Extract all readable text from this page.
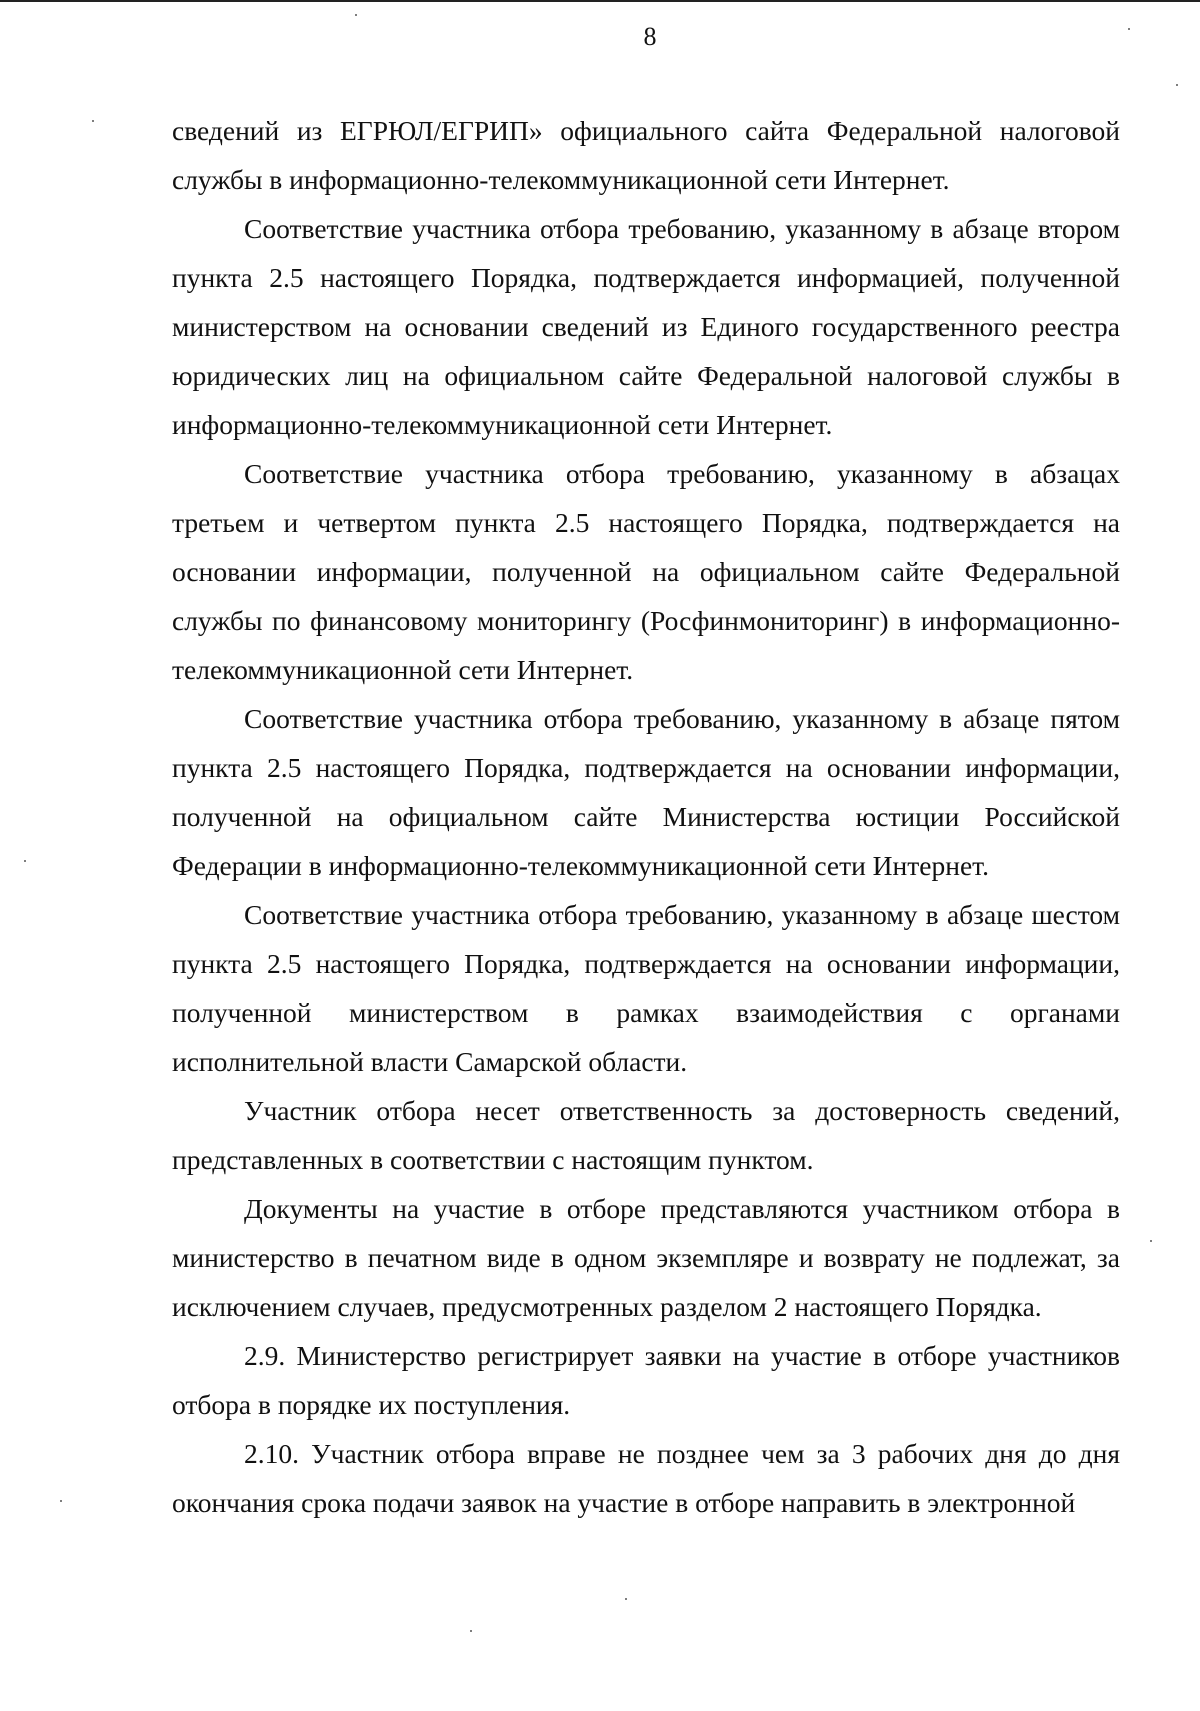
8

сведений из ЕГРЮЛ/ЕГРИП» официального сайта Федеральной налоговой службы в информационно-телекоммуникационной сети Интернет.

Соответствие участника отбора требованию, указанному в абзаце втором пункта 2.5 настоящего Порядка, подтверждается информацией, полученной министерством на основании сведений из Единого государственного реестра юридических лиц на официальном сайте Федеральной налоговой службы в информационно-телекоммуникационной сети Интернет.

Соответствие участника отбора требованию, указанному в абзацах третьем и четвертом пункта 2.5 настоящего Порядка, подтверждается на основании информации, полученной на официальном сайте Федеральной службы по финансовому мониторингу (Росфинмониторинг) в информационно-телекоммуникационной сети Интернет.

Соответствие участника отбора требованию, указанному в абзаце пятом пункта 2.5 настоящего Порядка, подтверждается на основании информации, полученной на официальном сайте Министерства юстиции Российской Федерации в информационно-телекоммуникационной сети Интернет.

Соответствие участника отбора требованию, указанному в абзаце шестом пункта 2.5 настоящего Порядка, подтверждается на основании информации, полученной министерством в рамках взаимодействия с органами исполнительной власти Самарской области.

Участник отбора несет ответственность за достоверность сведений, представленных в соответствии с настоящим пунктом.

Документы на участие в отборе представляются участником отбора в министерство в печатном виде в одном экземпляре и возврату не подлежат, за исключением случаев, предусмотренных разделом 2 настоящего Порядка.

2.9. Министерство регистрирует заявки на участие в отборе участников отбора в порядке их поступления.

2.10. Участник отбора вправе не позднее чем за 3 рабочих дня до дня окончания срока подачи заявок на участие в отборе направить в электронной
